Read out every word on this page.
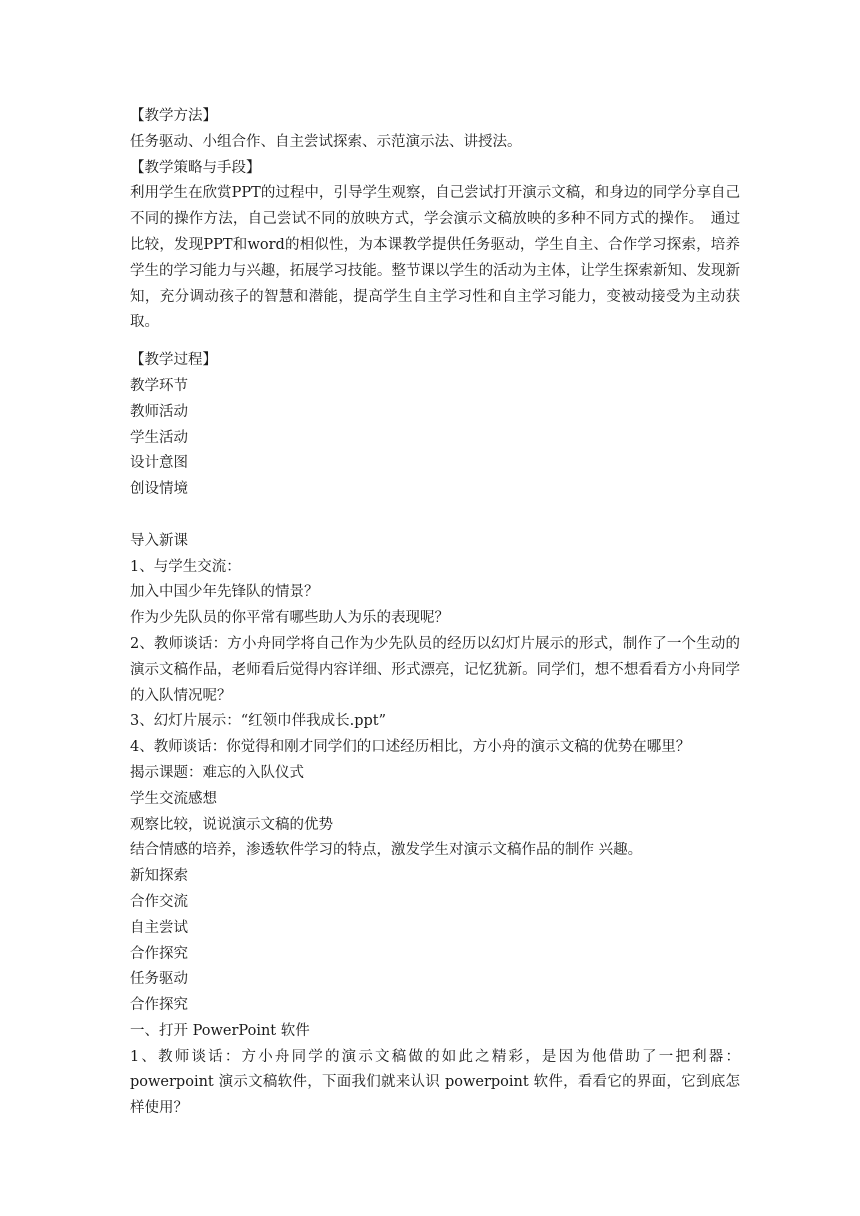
【教学方法】
任务驱动、小组合作、自主尝试探索、示范演示法、讲授法。
【教学策略与手段】
利用学生在欣赏PPT的过程中，引导学生观察，自己尝试打开演示文稿，和身边的同学分享自己不同的操作方法，自己尝试不同的放映方式，学会演示文稿放映的多种不同方式的操作。　通过比较，发现PPT和word的相似性，为本课教学提供任务驱动，学生自主、合作学习探索，培养学生的学习能力与兴趣，拓展学习技能。整节课以学生的活动为主体，让学生探索新知、发现新知，充分调动孩子的智慧和潜能，提高学生自主学习性和自主学习能力，变被动接受为主动获取。
【教学过程】
教学环节
教师活动
学生活动
设计意图
创设情境
导入新课
1、与学生交流：
加入中国少年先锋队的情景？
作为少先队员的你平常有哪些助人为乐的表现呢？
2、教师谈话：方小舟同学将自己作为少先队员的经历以幻灯片展示的形式，制作了一个生动的演示文稿作品，老师看后觉得内容详细、形式漂亮，记忆犹新。同学们，想不想看看方小舟同学的入队情况呢？
3、幻灯片展示：“红领巾伴我成长.ppt”
4、教师谈话：你觉得和刚才同学们的口述经历相比，方小舟的演示文稿的优势在哪里？
揭示课题：难忘的入队仪式
学生交流感想
观察比较，说说演示文稿的优势
结合情感的培养，渗透软件学习的特点，激发学生对演示文稿作品的制作 兴趣。
新知探索
合作交流
自主尝试
合作探究
任务驱动
合作探究
一、打开 PowerPoint 软件
1、教师谈话：方小舟同学的演示文稿做的如此之精彩，是因为他借助了一把利器：powerpoint 演示文稿软件，下面我们就来认识 powerpoint 软件，看看它的界面，它到底怎样使用？
